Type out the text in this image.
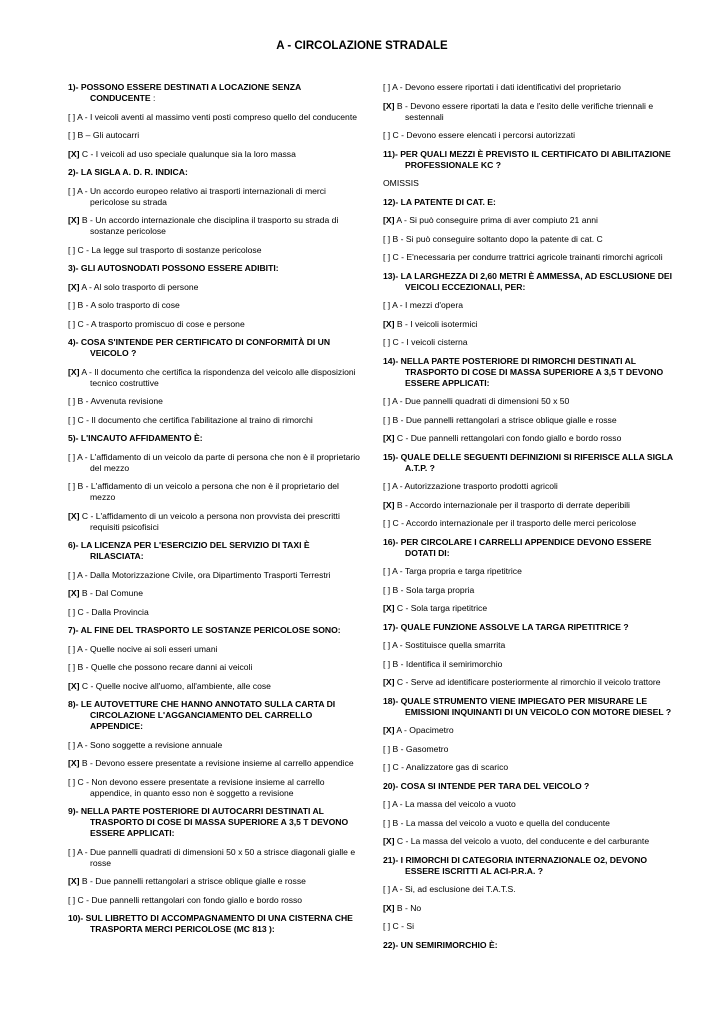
A - CIRCOLAZIONE STRADALE

1)- POSSONO ESSERE DESTINATI A LOCAZIONE SENZA CONDUCENTE :

[ ] A - I veicoli aventi al massimo venti posti compreso quello del conducente

[ ] B – Gli autocarri

[X] C - I veicoli ad uso speciale qualunque sia la loro massa

2)- LA SIGLA A. D. R. INDICA:

[ ] A - Un accordo europeo relativo ai trasporti internazionali di merci pericolose su strada

[X] B - Un accordo internazionale che disciplina il trasporto su strada di sostanze pericolose

[ ] C - La legge sul trasporto di sostanze pericolose

3)- GLI AUTOSNODATI POSSONO ESSERE ADIBITI:

[X] A - Al solo trasporto di persone

[ ] B - A solo trasporto di cose

[ ] C - A trasporto promiscuo di cose e persone

4)- COSA S'INTENDE PER CERTIFICATO DI CONFORMITÀ DI UN VEICOLO ?

[X] A - Il documento che certifica la rispondenza del veicolo alle disposizioni tecnico costruttive

[ ] B - Avvenuta revisione

[ ] C - Il documento che certifica l'abilitazione al traino di rimorchi

5)- L'INCAUTO AFFIDAMENTO È:

[ ] A - L'affidamento di un veicolo da parte di persona che non è il proprietario del mezzo

[ ] B - L'affidamento di un veicolo a persona che non è il proprietario del mezzo

[X] C - L'affidamento di un veicolo a persona non provvista dei prescritti requisiti psicofisici

6)- LA LICENZA PER L'ESERCIZIO DEL SERVIZIO DI TAXI È RILASCIATA:

[ ] A - Dalla Motorizzazione Civile, ora Dipartimento Trasporti Terrestri

[X] B - Dal Comune

[ ] C - Dalla Provincia

7)- AL FINE DEL TRASPORTO LE SOSTANZE PERICOLOSE SONO:

[ ] A - Quelle nocive ai soli esseri umani

[ ] B - Quelle che possono recare danni ai veicoli

[X] C - Quelle nocive all'uomo, all'ambiente, alle cose

8)- LE AUTOVETTURE CHE HANNO ANNOTATO SULLA CARTA DI CIRCOLAZIONE L'AGGANCIAMENTO DEL CARRELLO APPENDICE:

[ ] A - Sono soggette a revisione annuale

[X] B - Devono essere presentate a revisione insieme al carrello appendice

[ ] C - Non devono essere presentate a revisione insieme al carrello appendice, in quanto esso non è soggetto a revisione

9)- NELLA PARTE POSTERIORE DI AUTOCARRI DESTINATI AL TRASPORTO DI COSE DI MASSA SUPERIORE A 3,5 T DEVONO ESSERE APPLICATI:

[ ] A - Due pannelli quadrati di dimensioni 50 x 50 a strisce diagonali gialle e rosse

[X] B - Due pannelli rettangolari a strisce oblique gialle e rosse

[ ] C - Due pannelli rettangolari con fondo giallo e bordo rosso

10)- SUL LIBRETTO DI ACCOMPAGNAMENTO DI UNA CISTERNA CHE TRASPORTA MERCI PERICOLOSE (MC 813 ):

[ ] A - Devono essere riportati i dati identificativi del proprietario

[X] B - Devono essere riportati la data e l'esito delle verifiche triennali e sestennali

[ ] C - Devono essere elencati i percorsi autorizzati

11)- PER QUALI MEZZI È PREVISTO IL CERTIFICATO DI ABILITAZIONE PROFESSIONALE KC ?

OMISSIS

12)- LA PATENTE DI CAT. E:

[X] A - Si può conseguire prima di aver compiuto 21 anni

[ ] B - Si può conseguire soltanto dopo la patente di cat. C

[ ] C - E'necessaria per condurre trattrici agricole trainanti rimorchi agricoli

13)- LA LARGHEZZA DI 2,60 METRI È AMMESSA, AD ESCLUSIONE DEI VEICOLI ECCEZIONALI, PER:

[ ] A - I mezzi d'opera

[X] B - I veicoli isotermici

[ ] C - I veicoli cisterna

14)- NELLA PARTE POSTERIORE DI RIMORCHI DESTINATI AL TRASPORTO DI COSE DI MASSA SUPERIORE A 3,5 T DEVONO ESSERE APPLICATI:

[ ] A - Due pannelli quadrati di dimensioni 50 x 50

[ ] B - Due pannelli rettangolari a strisce oblique gialle e rosse

[X] C - Due pannelli rettangolari con fondo giallo e bordo rosso

15)- QUALE DELLE SEGUENTI DEFINIZIONI SI RIFERISCE ALLA SIGLA A.T.P. ?

[ ] A - Autorizzazione trasporto prodotti agricoli

[X] B - Accordo internazionale per il trasporto di derrate deperibili

[ ] C - Accordo internazionale per il trasporto delle merci pericolose

16)- PER CIRCOLARE I CARRELLI APPENDICE DEVONO ESSERE DOTATI DI:

[ ] A - Targa propria e targa ripetitrice

[ ] B - Sola targa propria

[X] C - Sola targa ripetitrice

17)- QUALE FUNZIONE ASSOLVE LA TARGA RIPETITRICE ?

[ ] A - Sostituisce quella smarrita

[ ] B - Identifica il semirimorchio

[X] C - Serve ad identificare posteriormente al rimorchio il veicolo trattore

18)- QUALE STRUMENTO VIENE IMPIEGATO PER MISURARE LE EMISSIONI INQUINANTI DI UN VEICOLO CON MOTORE DIESEL ?

[X] A - Opacimetro

[ ] B - Gasometro

[ ] C - Analizzatore gas di scarico

20)- COSA SI INTENDE PER TARA DEL VEICOLO ?

[ ] A - La massa del veicolo a vuoto

[ ] B - La massa del veicolo a vuoto e quella del conducente

[X] C - La massa del veicolo a vuoto, del conducente e del carburante

21)- I RIMORCHI DI CATEGORIA INTERNAZIONALE O2, DEVONO ESSERE ISCRITTI AL ACI-P.R.A. ?

[ ] A - Si, ad esclusione dei T.A.T.S.

[X] B - No

[ ] C - Si

22)- UN SEMIRIMORCHIO È:
